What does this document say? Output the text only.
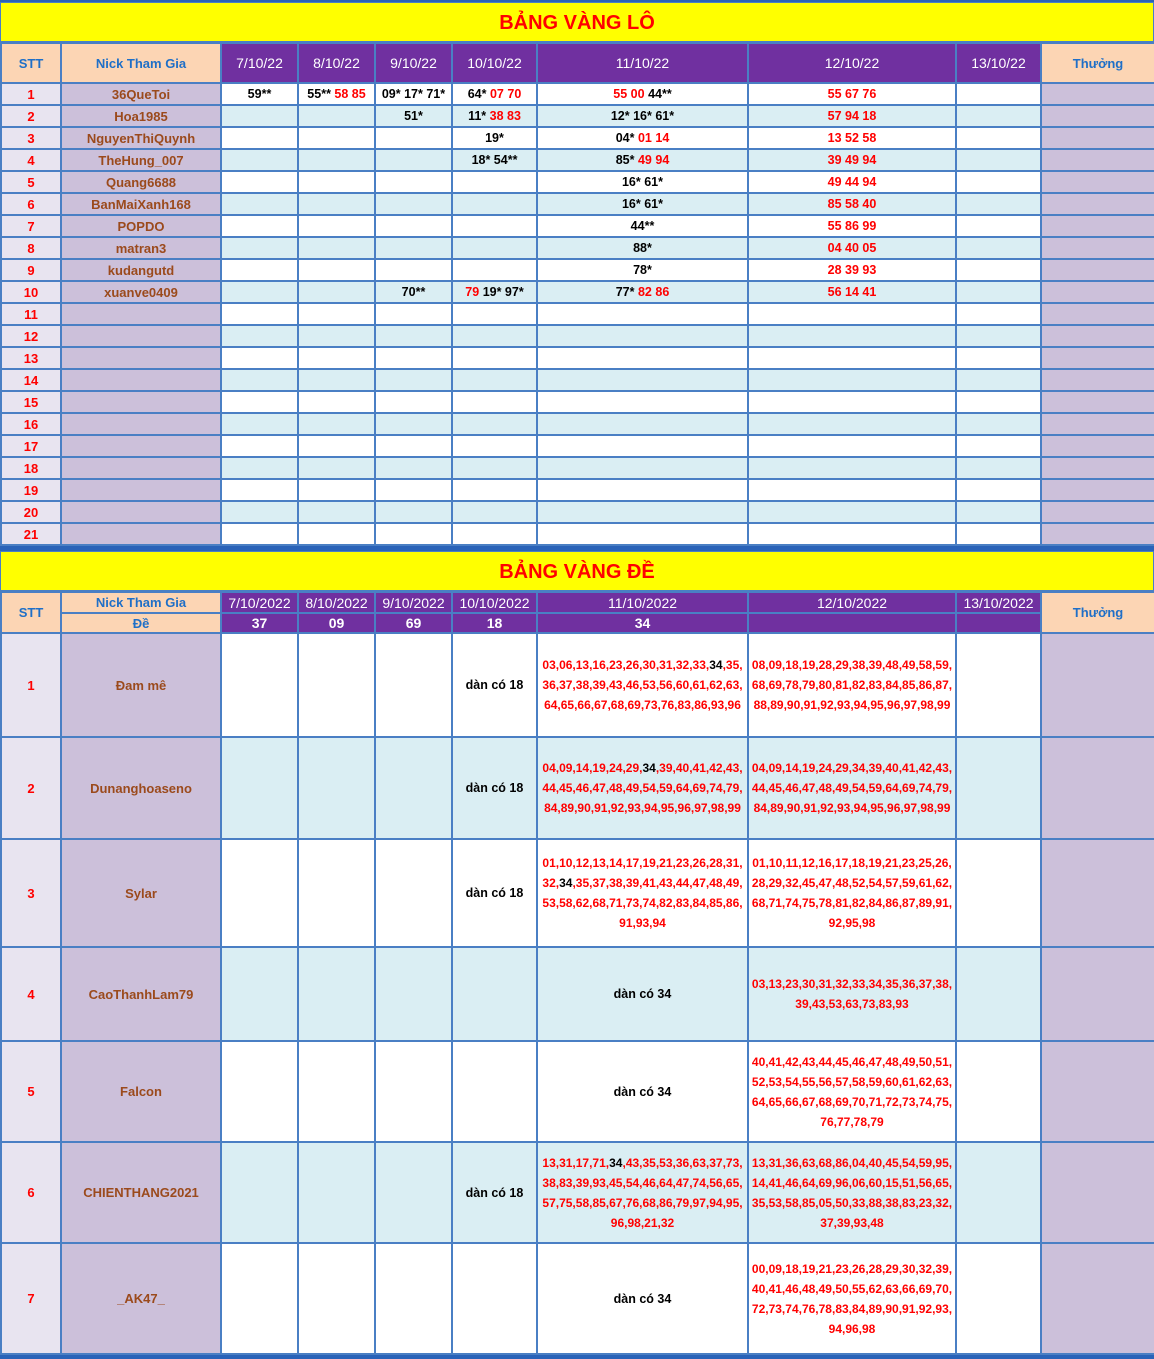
BẢNG VÀNG LÔ
STT	Nick Tham Gia	7/10/22	8/10/22	9/10/22	10/10/22	11/10/22	12/10/22	13/10/22	Thưởng
1	36QueToi	59**	55** 58 85	09* 17* 71*	64* 07 70	55 00 44**	55 67 76		
2	Hoa1985			51*	11* 38 83	12* 16* 61*	57 94 18		
3	NguyenThiQuynh				19*	04* 01 14	13 52 58		
4	TheHung_007				18* 54**	85* 49 94	39 49 94		
5	Quang6688					16* 61*	49 44 94		
6	BanMaiXanh168					16* 61*	85 58 40		
7	POPDO					44**	55 86 99		
8	matran3					88*	04 40 05		
9	kudangutd					78*	28 39 93		
10	xuanve0409			70**	79 19* 97*	77* 82 86	56 14 41		
11									
12									
13									
14									
15									
16									
17									
18									
19									
20									
21									
BẢNG VÀNG ĐỀ
STT	Nick Tham Gia	7/10/2022	8/10/2022	9/10/2022	10/10/2022	11/10/2022	12/10/2022	13/10/2022	Thưởng
	Đề	37	09	69	18	34			
1	Đam mê				dàn có 18	03,06,13,16,23,26,30,31,32,33,34,35,36,37,38,39,43,46,53,56,60,61,62,63,64,65,66,67,68,69,73,76,83,86,93,96	08,09,18,19,28,29,38,39,48,49,58,59,68,69,78,79,80,81,82,83,84,85,86,87,88,89,90,91,92,93,94,95,96,97,98,99		

2	Dunanghoaseno				dàn có 18	04,09,14,19,24,29,34,39,40,41,42,43,44,45,46,47,48,49,54,59,64,69,74,79,84,89,90,91,92,93,94,95,96,97,98,99	04,09,14,19,24,29,34,39,40,41,42,43,44,45,46,47,48,49,54,59,64,69,74,79,84,89,90,91,92,93,94,95,96,97,98,99		

3	Sylar				dàn có 18	01,10,12,13,14,17,19,21,23,26,28,31,32,34,35,37,38,39,41,43,44,47,48,49,53,58,62,68,71,73,74,82,83,84,85,86,91,93,94	01,10,11,12,16,17,18,19,21,23,25,26,28,29,32,45,47,48,52,54,57,59,61,62,68,71,74,75,78,81,82,84,86,87,89,91,92,95,98		

4	CaoThanhLam79					dàn có 34	03,13,23,30,31,32,33,34,35,36,37,38,39,43,53,63,73,83,93		

5	Falcon					dàn có 34	40,41,42,43,44,45,46,47,48,49,50,51,52,53,54,55,56,57,58,59,60,61,62,63,64,65,66,67,68,69,70,71,72,73,74,75,76,77,78,79		

6	CHIENTHANG2021				dàn có 18	13,31,17,71,34,43,35,53,36,63,37,73,38,83,39,93,45,54,46,64,47,74,56,65,57,75,58,85,67,76,68,86,79,97,94,95,96,98,21,32	13,31,36,63,68,86,04,40,45,54,59,95,14,41,46,64,69,96,06,60,15,51,56,65,35,53,58,85,05,50,33,88,38,83,23,32,37,39,93,48		

7	_AK47_					dàn có 34	00,09,18,19,21,23,26,28,29,30,32,39,40,41,46,48,49,50,55,62,63,66,69,70,72,73,74,76,78,83,84,89,90,91,92,93,94,96,98		
